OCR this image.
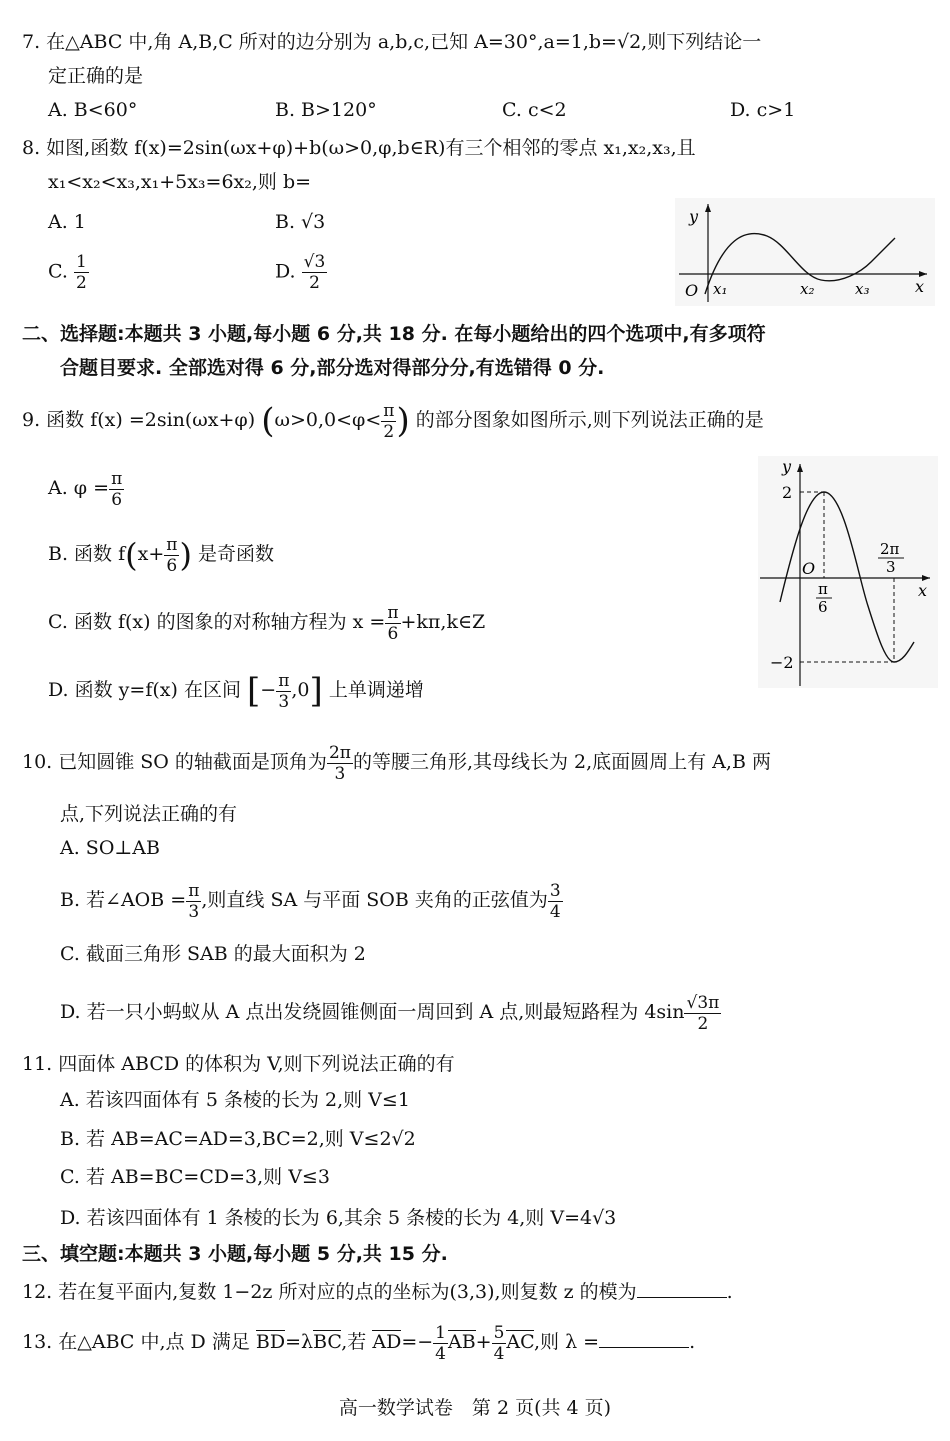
7. 在△ABC 中,角 A,B,C 所对的边分别为 a,b,c,已知 A=30°,a=1,b=√2,则下列结论一
定正确的是
A. B<60°	B. B>120°	C. c<2	D. c>1
8. 如图,函数 f(x)=2sin(ωx+φ)+b(ω>0,φ,b∈R)有三个相邻的零点 x₁,x₂,x₃,且
x₁<x₂<x₃,x₁+5x₃=6x₂,则 b=
A. 1	B. √3
C. $\frac{1}{2}$	D. $\frac{√3}{2}$
y
O	x
x₁	x₂	x₃
二、选择题:本题共 3 小题,每小题 6 分,共 18 分. 在每小题给出的四个选项中,有多项符
合题目要求. 全部选对得 6 分,部分选对得部分分,有选错得 0 分.
9. 函数 f(x) =2sin(ωx+φ) ($\omega>0,0<\varphi< \frac{\pi}{2}$ ) 的部分图象如图所示,则下列说法正确的是
A. $\varphi = \frac{\pi}{6}$
B. 函数 $f(x+ \frac{\pi}{6}$ ) 是奇函数
C. 函数 f(x) 的图象的对称轴方程为 $x = \frac{\pi}{6}$ +kπ,k∈Z
D. 函数 y=f(x) 在区间 [− $\frac{\pi}{3} ,0$] 上单调递增
y
2
O
x
−2
π
6
2π
3
10. 已知圆锥 SO 的轴截面是顶角为 $\frac{2\pi}{3}$ 的等腰三角形,其母线长为 2,底面圆周上有 A,B 两
点,下列说法正确的有
A. SO⊥AB
B. 若∠AOB = $\frac{\pi}{3}$ ,则直线 SA 与平面 SOB 夹角的正弦值为 $\frac{3}{4}$
C. 截面三角形 SAB 的最大面积为 2
D. 若一只小蚂蚁从 A 点出发绕圆锥侧面一周回到 A 点,则最短路程为 $4\sin \frac{√3\pi}{2}$
11. 四面体 ABCD 的体积为 V,则下列说法正确的有
A. 若该四面体有 5 条棱的长为 2,则 V≤1
B. 若 AB=AC=AD=3,BC=2,则 V≤2√2
C. 若 AB=BC=CD=3,则 V≤3
D. 若该四面体有 1 条棱的长为 6,其余 5 条棱的长为 4,则 V=4√3
三、填空题:本题共 3 小题,每小题 5 分,共 15 分.
12. 若在复平面内,复数 1−2z 所对应的点的坐标为(3,3),则复数 z 的模为	.
13. 在△ABC 中,点 D 满足 BD=λBC,若 $AD=- \frac{1}{4} AB+ \frac{5}{4}$ AC,则 λ =	.
高一数学试卷　第 2 页(共 4 页)
